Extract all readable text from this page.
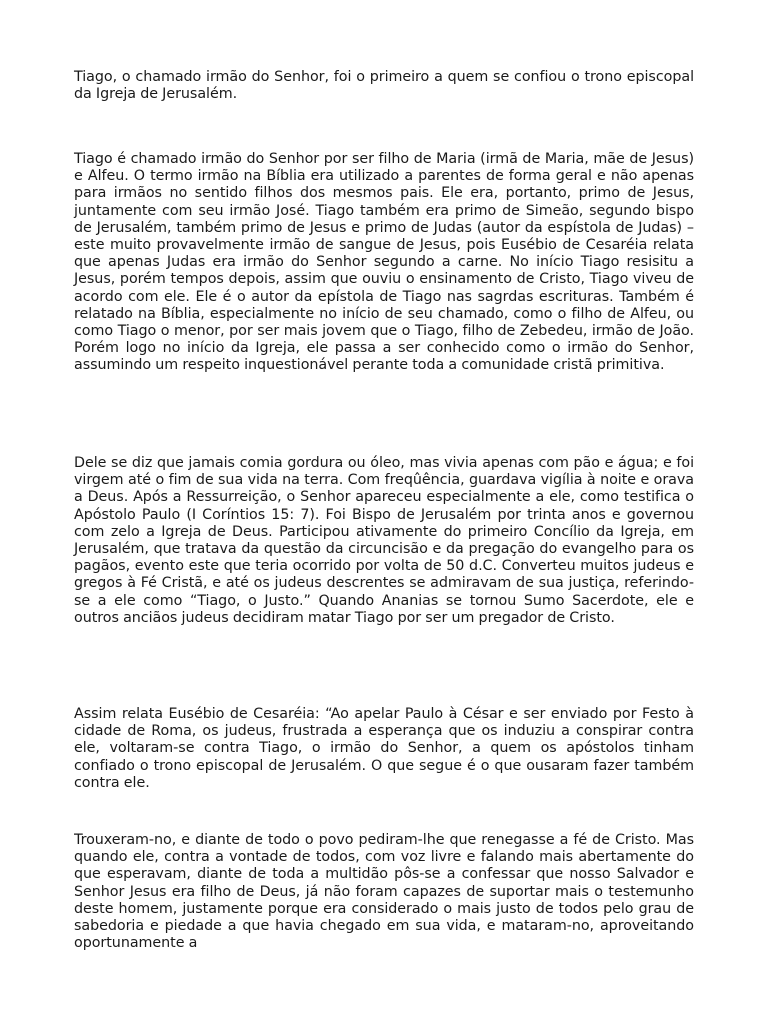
Tiago, o chamado irmão do Senhor, foi o primeiro a quem se confiou o trono episcopal da Igreja de Jerusalém.

Tiago é chamado irmão do Senhor por ser filho de Maria (irmã de Maria, mãe de Jesus) e Alfeu. O termo irmão na Bíblia era utilizado a parentes de forma geral e não apenas para irmãos no sentido filhos dos mesmos pais. Ele era, portanto, primo de Jesus, juntamente com seu irmão José. Tiago também era primo de Simeão, segundo bispo de Jerusalém, também primo de Jesus e primo de Judas (autor da espístola de Judas) – este muito provavelmente irmão de sangue de Jesus, pois Eusébio de Cesaréia relata que apenas Judas era irmão do Senhor segundo a carne. No início Tiago resisitu a Jesus, porém tempos depois, assim que ouviu o ensinamento de Cristo, Tiago viveu de acordo com ele. Ele é o autor da epístola de Tiago nas sagrdas escrituras. Também é relatado na Bíblia, especialmente no início de seu chamado, como o filho de Alfeu, ou como Tiago o menor, por ser mais jovem que o Tiago, filho de Zebedeu, irmão de João. Porém logo no início da Igreja, ele passa a ser conhecido como o irmão do Senhor, assumindo um respeito inquestionável perante toda a comunidade cristã primitiva.

Dele se diz que jamais comia gordura ou óleo, mas vivia apenas com pão e água; e foi virgem até o fim de sua vida na terra. Com freqûência, guardava vigília à noite e orava a Deus. Após a Ressurreição, o Senhor apareceu especialmente a ele, como testifica o Apóstolo Paulo (I Coríntios 15: 7). Foi Bispo de Jerusalém por trinta anos e governou com zelo a Igreja de Deus. Participou ativamente do primeiro Concílio da Igreja, em Jerusalém, que tratava da questão da circuncisão e da pregação do evangelho para os pagãos, evento este que teria ocorrido por volta de 50 d.C. Converteu muitos judeus e gregos à Fé Cristã, e até os judeus descrentes se admiravam de sua justiça, referindo-se a ele como “Tiago, o Justo.” Quando Ananias se tornou Sumo Sacerdote, ele e outros anciãos judeus decidiram matar Tiago por ser um pregador de Cristo.

Assim relata Eusébio de Cesaréia: “Ao apelar Paulo à César e ser enviado por Festo à cidade de Roma, os judeus, frustrada a esperança que os induziu a conspirar contra ele, voltaram-se contra Tiago, o irmão do Senhor, a quem os apóstolos tinham confiado o trono episcopal de Jerusalém. O que segue é o que ousaram fazer também contra ele.

Trouxeram-no, e diante de todo o povo pediram-lhe que renegasse a fé de Cristo. Mas quando ele, contra a vontade de todos, com voz livre e falando mais abertamente do que esperavam, diante de toda a multidão pôs-se a confessar que nosso Salvador e Senhor Jesus era filho de Deus, já não foram capazes de suportar mais o testemunho deste homem, justamente porque era considerado o mais justo de todos pelo grau de sabedoria e piedade a que havia chegado em sua vida, e mataram-no, aproveitando oportunamente a
